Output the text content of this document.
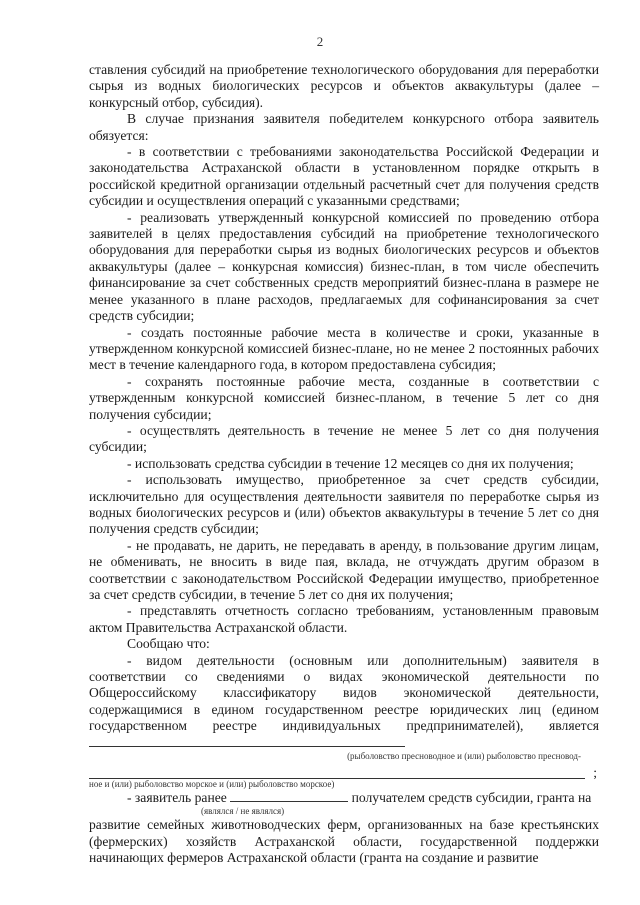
2

ставления субсидий на приобретение технологического оборудования для переработки сырья из водных биологических ресурсов и объектов аквакультуры (далее – конкурсный отбор, субсидия).

В случае признания заявителя победителем конкурсного отбора заявитель обязуется:

- в соответствии с требованиями законодательства Российской Федерации и законодательства Астраханской области в установленном порядке открыть в российской кредитной организации отдельный расчетный счет для получения средств субсидии и осуществления операций с указанными средствами;

- реализовать утвержденный конкурсной комиссией по проведению отбора заявителей в целях предоставления субсидий на приобретение технологического оборудования для переработки сырья из водных биологических ресурсов и объектов аквакультуры (далее – конкурсная комиссия) бизнес-план, в том числе обеспечить финансирование за счет собственных средств мероприятий бизнес-плана в размере не менее указанного в плане расходов, предлагаемых для софинансирования за счет средств субсидии;

- создать постоянные рабочие места в количестве и сроки, указанные в утвержденном конкурсной комиссией бизнес-плане, но не менее 2 постоянных рабочих мест в течение календарного года, в котором предоставлена субсидия;

- сохранять постоянные рабочие места, созданные в соответствии с утвержденным конкурсной комиссией бизнес-планом, в течение 5 лет со дня получения субсидии;

- осуществлять деятельность в течение не менее 5 лет со дня получения субсидии;

- использовать средства субсидии в течение 12 месяцев со дня их получения;

- использовать имущество, приобретенное за счет средств субсидии, исключительно для осуществления деятельности заявителя по переработке сырья из водных биологических ресурсов и (или) объектов аквакультуры в течение 5 лет со дня получения средств субсидии;

- не продавать, не дарить, не передавать в аренду, в пользование другим лицам, не обменивать, не вносить в виде пая, вклада, не отчуждать другим образом в соответствии с законодательством Российской Федерации имущество, приобретенное за счет средств субсидии, в течение 5 лет со дня их получения;

- представлять отчетность согласно требованиям, установленным правовым актом Правительства Астраханской области.

Сообщаю что:

- видом деятельности (основным или дополнительным) заявителя в соответствии со сведениями о видах экономической деятельности по Общероссийскому классификатору видов экономической деятельности, содержащимися в едином государственном реестре юридических лиц (едином государственном реестре индивидуальных предпринимателей), является

(рыболовство пресноводное и (или) рыболовство пресновод-
;
ное и (или) рыболовство морское и (или) рыболовство морское)

- заявитель ранее	получателем средств субсидии, гранта на

(являлся / не являлся)

развитие семейных животноводческих ферм, организованных на базе крестьянских (фермерских) хозяйств Астраханской области, государственной поддержки начинающих фермеров Астраханской области (гранта на создание и развитие
